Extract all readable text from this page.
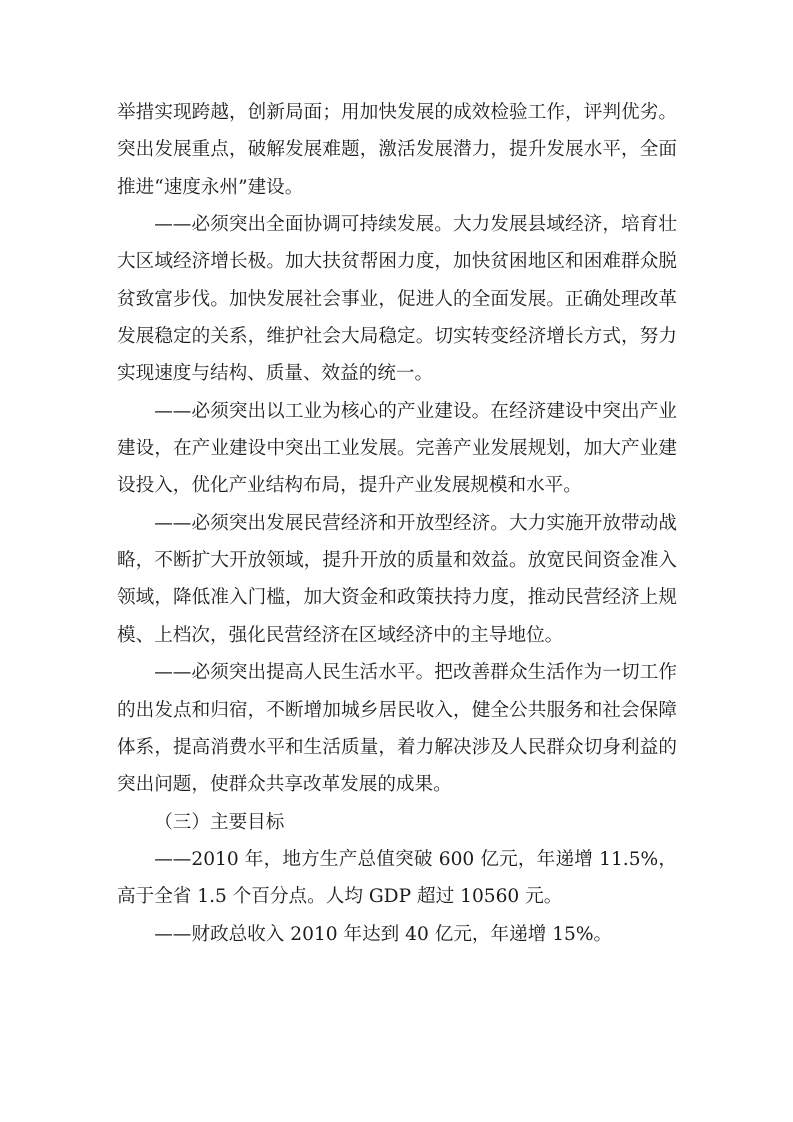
举措实现跨越，创新局面；用加快发展的成效检验工作，评判优劣。突出发展重点，破解发展难题，激活发展潜力，提升发展水平，全面推进“速度永州”建设。

——必须突出全面协调可持续发展。大力发展县域经济，培育壮大区域经济增长极。加大扶贫帮困力度，加快贫困地区和困难群众脱贫致富步伐。加快发展社会事业，促进人的全面发展。正确处理改革发展稳定的关系，维护社会大局稳定。切实转变经济增长方式，努力实现速度与结构、质量、效益的统一。

——必须突出以工业为核心的产业建设。在经济建设中突出产业建设，在产业建设中突出工业发展。完善产业发展规划，加大产业建设投入，优化产业结构布局，提升产业发展规模和水平。

——必须突出发展民营经济和开放型经济。大力实施开放带动战略，不断扩大开放领域，提升开放的质量和效益。放宽民间资金准入领域，降低准入门槛，加大资金和政策扶持力度，推动民营经济上规模、上档次，强化民营经济在区域经济中的主导地位。

——必须突出提高人民生活水平。把改善群众生活作为一切工作的出发点和归宿，不断增加城乡居民收入，健全公共服务和社会保障体系，提高消费水平和生活质量，着力解决涉及人民群众切身利益的突出问题，使群众共享改革发展的成果。

（三）主要目标

——2010 年，地方生产总值突破 600 亿元，年递增 11.5%，高于全省 1.5 个百分点。人均 GDP 超过 10560 元。

——财政总收入 2010 年达到 40 亿元，年递增 15%。
